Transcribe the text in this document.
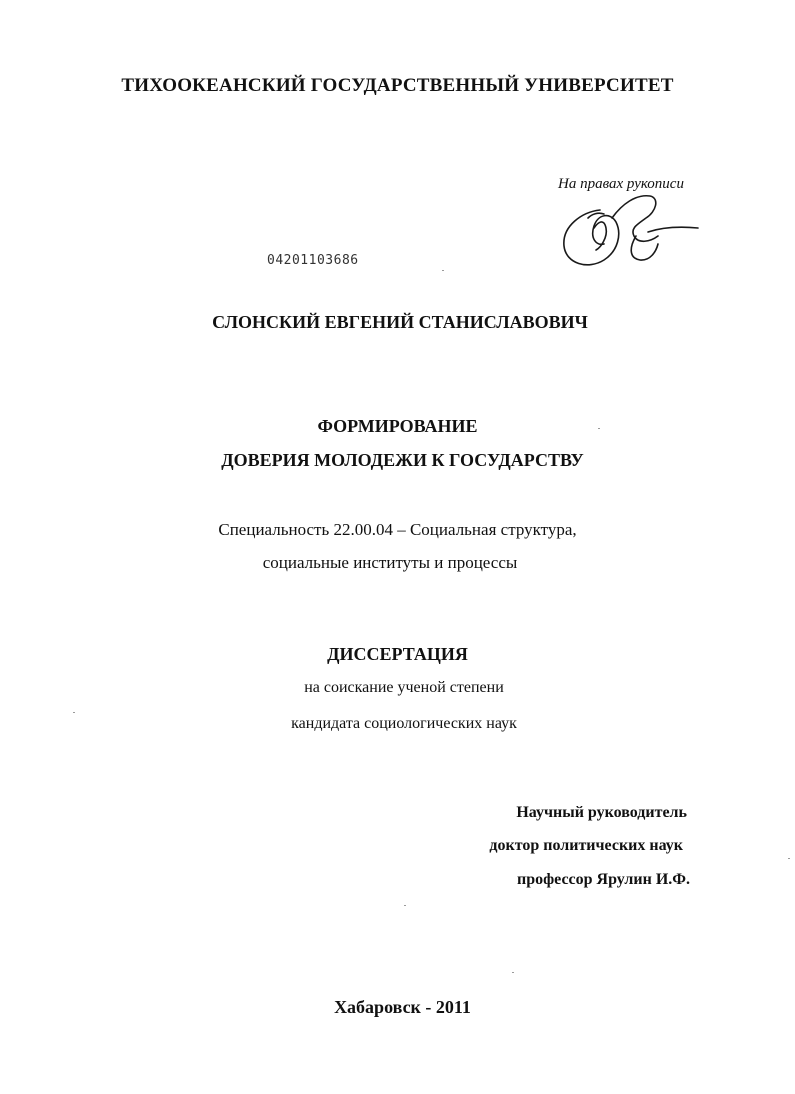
ТИХООКЕАНСКИЙ ГОСУДАРСТВЕННЫЙ УНИВЕРСИТЕТ
На правах рукописи
04201103686
СЛОНСКИЙ ЕВГЕНИЙ СТАНИСЛАВОВИЧ
ФОРМИРОВАНИЕ
ДОВЕРИЯ МОЛОДЕЖИ К ГОСУДАРСТВУ
Специальность 22.00.04 – Социальная структура,
социальные институты и процессы
ДИССЕРТАЦИЯ
на соискание ученой степени
кандидата социологических наук
Научный руководитель
доктор политических наук
профессор Ярулин И.Ф.
Хабаровск - 2011
